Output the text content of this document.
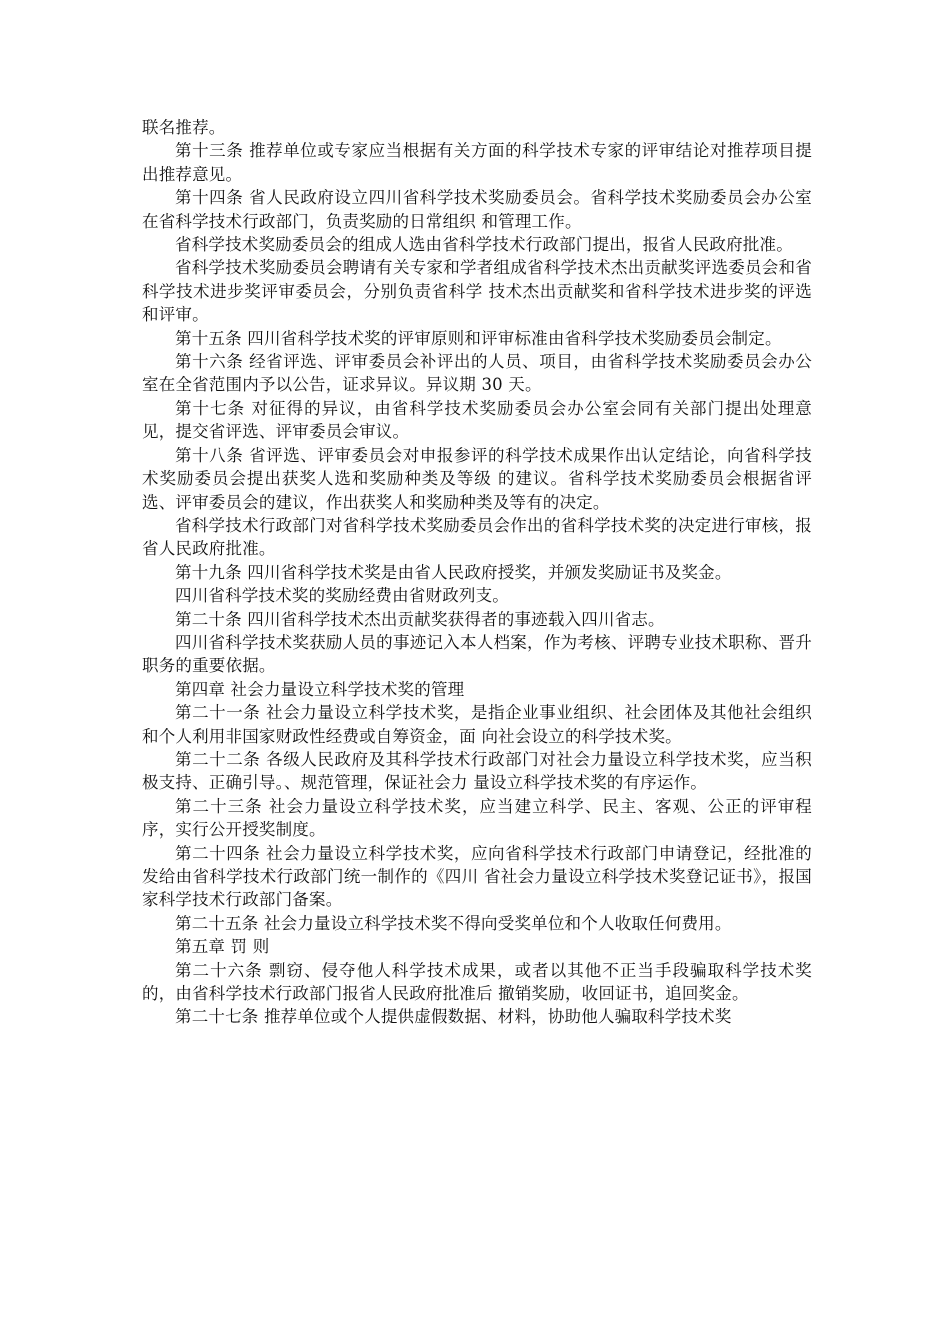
联名推荐。

第十三条 推荐单位或专家应当根据有关方面的科学技术专家的评审结论对推荐项目提出推荐意见。

第十四条 省人民政府设立四川省科学技术奖励委员会。省科学技术奖励委员会办公室在省科学技术行政部门，负责奖励的日常组织 和管理工作。

省科学技术奖励委员会的组成人选由省科学技术行政部门提出，报省人民政府批准。

省科学技术奖励委员会聘请有关专家和学者组成省科学技术杰出贡献奖评选委员会和省科学技术进步奖评审委员会，分别负责省科学 技术杰出贡献奖和省科学技术进步奖的评选和评审。

第十五条 四川省科学技术奖的评审原则和评审标准由省科学技术奖励委员会制定。

第十六条 经省评选、评审委员会补评出的人员、项目，由省科学技术奖励委员会办公室在全省范围内予以公告，证求异议。异议期 30 天。

第十七条 对征得的异议，由省科学技术奖励委员会办公室会同有关部门提出处理意见，提交省评选、评审委员会审议。

第十八条 省评选、评审委员会对申报参评的科学技术成果作出认定结论，向省科学技术奖励委员会提出获奖人选和奖励种类及等级 的建议。省科学技术奖励委员会根据省评选、评审委员会的建议，作出获奖人和奖励种类及等有的决定。

省科学技术行政部门对省科学技术奖励委员会作出的省科学技术奖的决定进行审核，报省人民政府批准。

第十九条 四川省科学技术奖是由省人民政府授奖，并颁发奖励证书及奖金。

四川省科学技术奖的奖励经费由省财政列支。

第二十条 四川省科学技术杰出贡献奖获得者的事迹载入四川省志。

四川省科学技术奖获励人员的事迹记入本人档案，作为考核、评聘专业技术职称、晋升职务的重要依据。

第四章 社会力量设立科学技术奖的管理

第二十一条 社会力量设立科学技术奖，是指企业事业组织、社会团体及其他社会组织和个人利用非国家财政性经费或自筹资金，面 向社会设立的科学技术奖。

第二十二条 各级人民政府及其科学技术行政部门对社会力量设立科学技术奖，应当积极支持、正确引导。、规范管理，保证社会力 量设立科学技术奖的有序运作。

第二十三条 社会力量设立科学技术奖，应当建立科学、民主、客观、公正的评审程序，实行公开授奖制度。

第二十四条 社会力量设立科学技术奖，应向省科学技术行政部门申请登记，经批准的发给由省科学技术行政部门统一制作的《四川 省社会力量设立科学技术奖登记证书》，报国家科学技术行政部门备案。

第二十五条 社会力量设立科学技术奖不得向受奖单位和个人收取任何费用。

第五章 罚 则

第二十六条 剽窃、侵夺他人科学技术成果，或者以其他不正当手段骗取科学技术奖的，由省科学技术行政部门报省人民政府批准后 撤销奖励，收回证书，追回奖金。

第二十七条 推荐单位或个人提供虚假数据、材料，协助他人骗取科学技术奖
